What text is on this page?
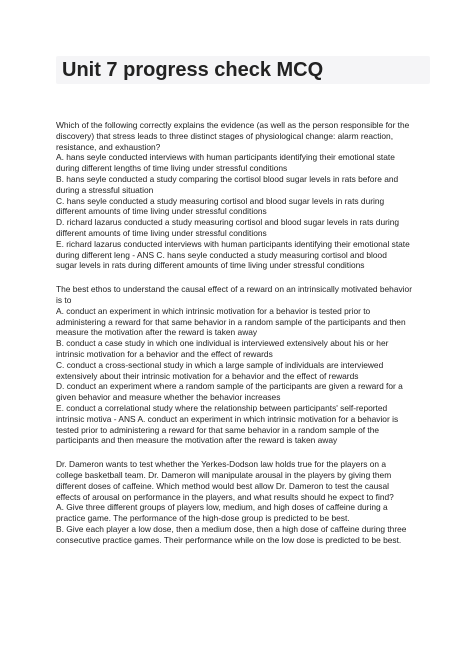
Unit 7 progress check MCQ

Which of the following correctly explains the evidence (as well as the person responsible for the

discovery) that stress leads to three distinct stages of physiological change: alarm reaction,

resistance, and exhaustion?

A. hans seyle conducted interviews with human participants identifying their emotional state

during different lengths of time living under stressful conditions

B. hans seyle conducted a study comparing the cortisol blood sugar levels in rats before and

during a stressful situation

C. hans seyle conducted a study measuring cortisol and blood sugar levels in rats during

different amounts of time living under stressful conditions

D. richard lazarus conducted a study measuring cortisol and blood sugar levels in rats during

different amounts of time living under stressful conditions

E. richard lazarus conducted interviews with human participants identifying their emotional state

during different leng - ANS C. hans seyle conducted a study measuring cortisol and blood

sugar levels in rats during different amounts of time living under stressful conditions

The best ethos to understand the causal effect of a reward on an intrinsically motivated behavior

is to

A. conduct an experiment in which intrinsic motivation for a behavior is tested prior to

administering a reward for that same behavior in a random sample of the participants and then

measure the motivation after the reward is taken away

B. conduct a case study in which one individual is interviewed extensively about his or her

intrinsic motivation for a behavior and the effect of rewards

C. conduct a cross-sectional study in which a large sample of individuals are interviewed

extensively about their intrinsic motivation for a behavior and the effect of rewards

D. conduct an experiment where a random sample of the participants are given a reward for a

given behavior and measure whether the behavior increases

E. conduct a correlational study where the relationship between participants' self-reported

intrinsic motiva - ANS A. conduct an experiment in which intrinsic motivation for a behavior is

tested prior to administering a reward for that same behavior in a random sample of the

participants and then measure the motivation after the reward is taken away

Dr. Dameron wants to test whether the Yerkes-Dodson law holds true for the players on a

college basketball team. Dr. Dameron will manipulate arousal in the players by giving them

different doses of caffeine. Which method would best allow Dr. Dameron to test the causal

effects of arousal on performance in the players, and what results should he expect to find?

A. Give three different groups of players low, medium, and high doses of caffeine during a

practice game. The performance of the high-dose group is predicted to be best.

B. Give each player a low dose, then a medium dose, then a high dose of caffeine during three

consecutive practice games. Their performance while on the low dose is predicted to be best.
